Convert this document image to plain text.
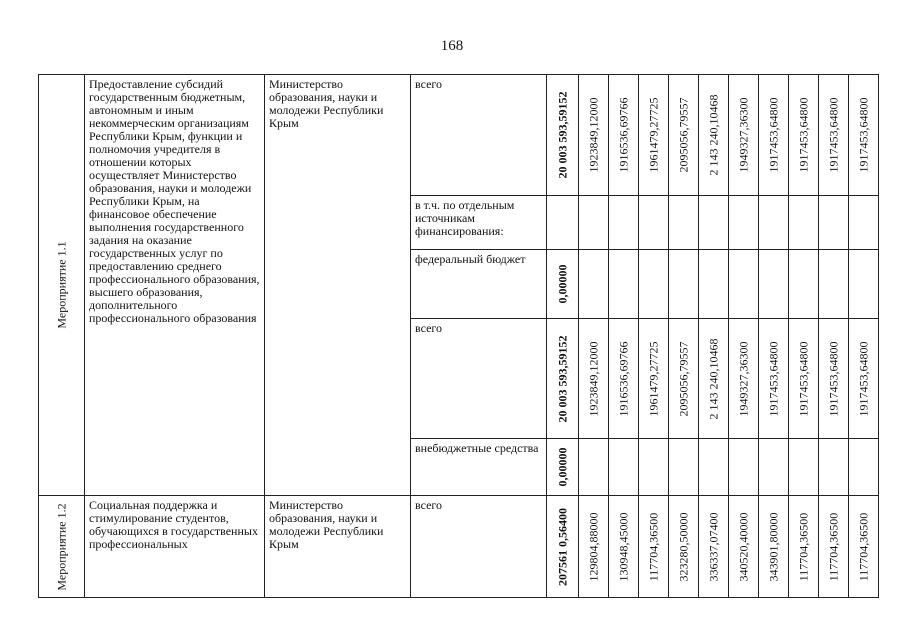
168
Мероприятие 1.1	Предоставление субсидий государственным бюджетным, автономным и иным некоммерческим организациям Республики Крым, функции и полномочия учредителя в отношении которых осуществляет Министерство образования, науки и молодежи Республики Крым, на финансовое обеспечение выполнения государственного задания на оказание государственных услуг по предоставлению среднего профессионального образования, высшего образования, дополнительного профессионального образования	Министерство образования, науки и молодежи Республики Крым	всего	20 003 593,59152	1923849,12000	1916536,69766	1961479,27725	2095056,79557	2 143 240,10468	1949327,36300	1917453,64800	1917453,64800	1917453,64800	1917453,64800

			в т.ч. по отдельным источникам финансирования:	

			федеральный бюджет	0,00000										

			всего	20 003 593,59152	1923849,12000	1916536,69766	1961479,27725	2095056,79557	2 143 240,10468	1949327,36300	1917453,64800	1917453,64800	1917453,64800	1917453,64800

			внебюджетные средства	0,00000										

Мероприятие 1.2	Социальная поддержка и стимулирование студентов, обучающихся в государственных профессиональных	Министерство образования, науки и молодежи Республики Крым	всего	207561 0,56400	129804,88000	130948,45000	117704,36500	323280,50000	336337,07400	340520,40000	343901,80000	117704,36500	117704,36500	117704,36500
